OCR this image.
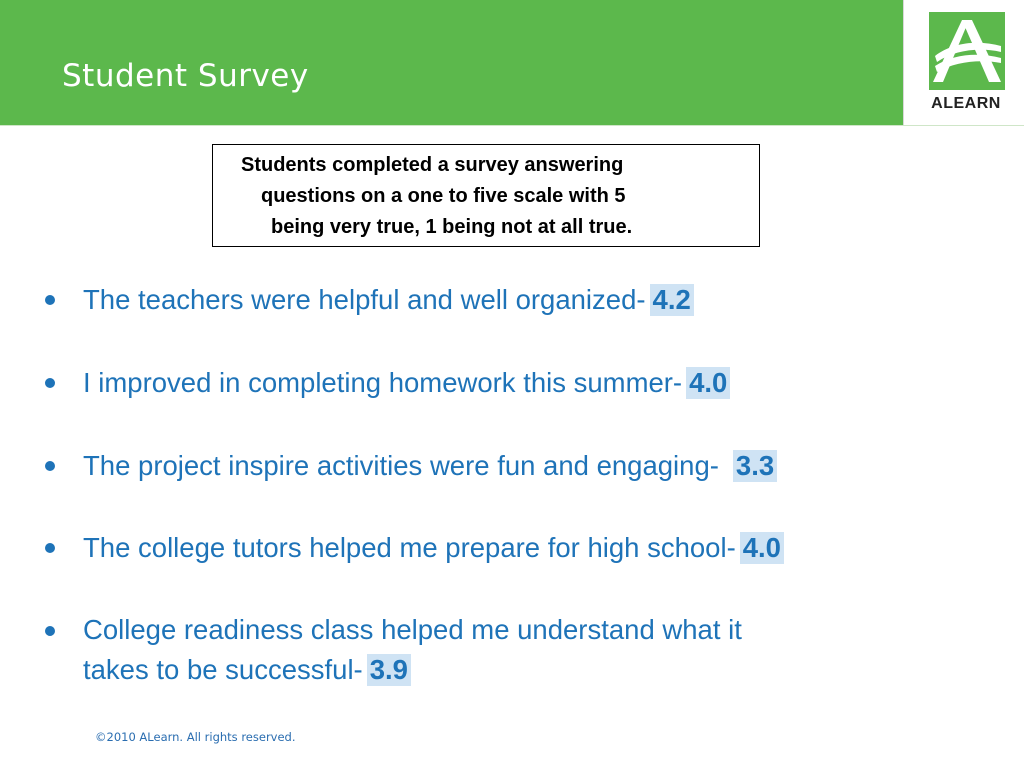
Student Survey
ALEARN
Students completed a survey answering
questions on a one to five scale with 5
being very true, 1 being not at all true.
The teachers were helpful and well organized- 4.2
I improved in completing homework this summer- 4.0
The project inspire activities were fun and engaging- 3.3
The college tutors helped me prepare for high school- 4.0
College readiness class helped me understand what it
takes to be successful- 3.9
©2010 ALearn. All rights reserved.
